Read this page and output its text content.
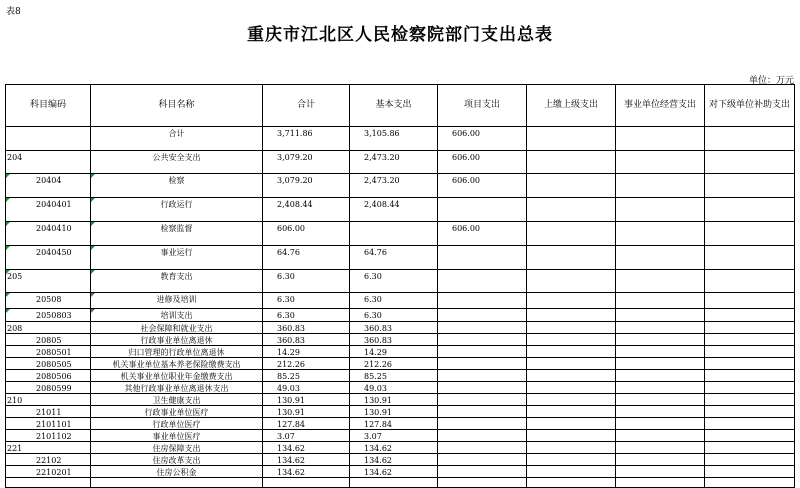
表8
重庆市江北区人民检察院部门支出总表
单位：万元
科目编码	科目名称	合计	基本支出	项目支出	上缴上级支出	事业单位经营支出	对下级单位补助支出
	合计	3,711.86	3,105.86	606.00			
204	公共安全支出	3,079.20	2,473.20	606.00			
20404	检察	3,079.20	2,473.20	606.00			
2040401	行政运行	2,408.44	2,408.44				
2040410	检察监督	606.00		606.00			
2040450	事业运行	64.76	64.76				
205	教育支出	6.30	6.30				
20508	进修及培训	6.30	6.30				
2050803	培训支出	6.30	6.30				
208	社会保障和就业支出	360.83	360.83				
20805	行政事业单位离退休	360.83	360.83				
2080501	归口管理的行政单位离退休	14.29	14.29				
2080505	机关事业单位基本养老保险缴费支出	212.26	212.26				
2080506	机关事业单位职业年金缴费支出	85.25	85.25				
2080599	其他行政事业单位离退休支出	49.03	49.03				
210	卫生健康支出	130.91	130.91				
21011	行政事业单位医疗	130.91	130.91				
2101101	行政单位医疗	127.84	127.84				
2101102	事业单位医疗	3.07	3.07				
221	住房保障支出	134.62	134.62				
22102	住房改革支出	134.62	134.62				
2210201	住房公积金	134.62	134.62				
